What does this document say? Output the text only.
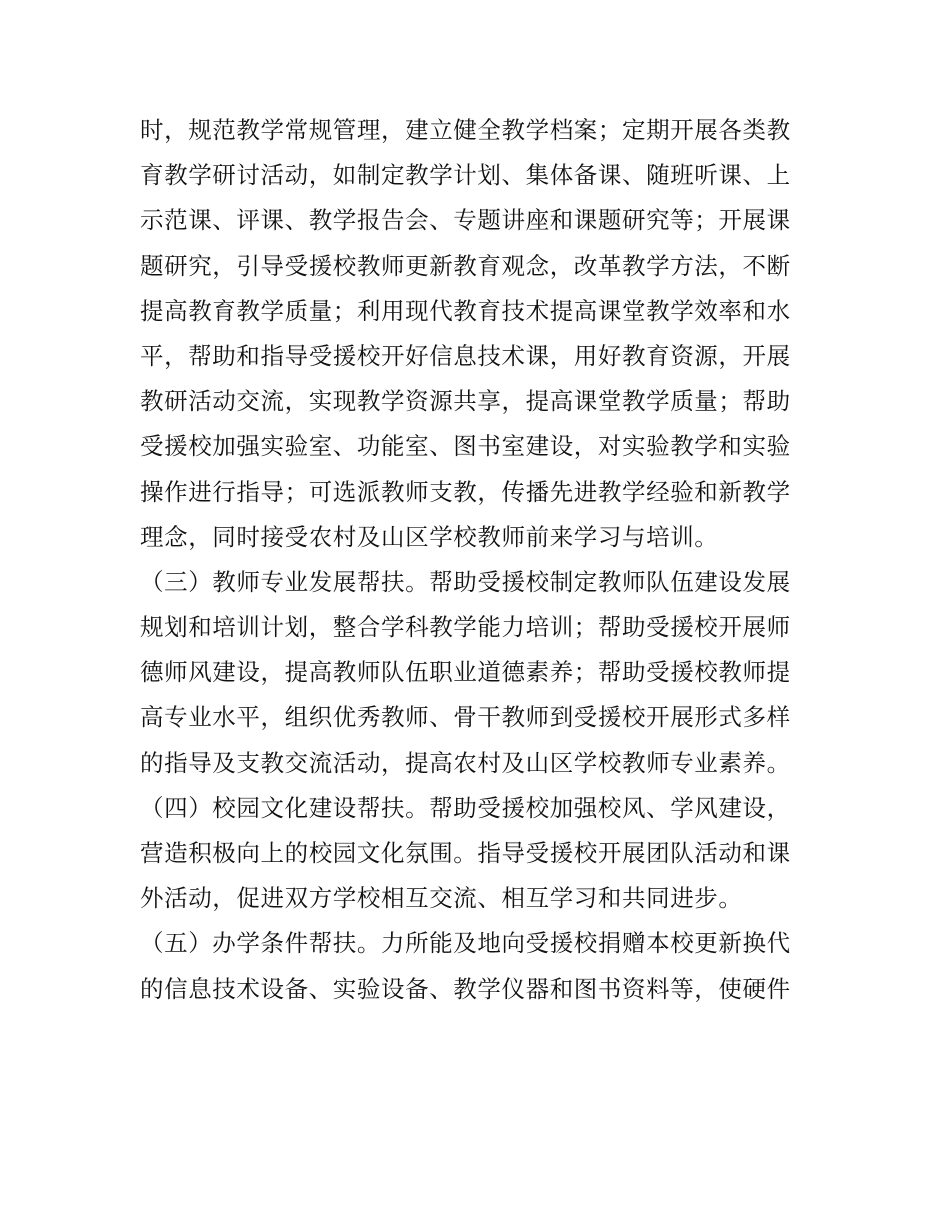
时，规范教学常规管理，建立健全教学档案；定期开展各类教
育教学研讨活动，如制定教学计划、集体备课、随班听课、上
示范课、评课、教学报告会、专题讲座和课题研究等；开展课
题研究，引导受援校教师更新教育观念，改革教学方法，不断
提高教育教学质量；利用现代教育技术提高课堂教学效率和水
平，帮助和指导受援校开好信息技术课，用好教育资源，开展
教研活动交流，实现教学资源共享，提高课堂教学质量；帮助
受援校加强实验室、功能室、图书室建设，对实验教学和实验
操作进行指导；可选派教师支教，传播先进教学经验和新教学
理念，同时接受农村及山区学校教师前来学习与培训。
（三）教师专业发展帮扶。帮助受援校制定教师队伍建设发展
规划和培训计划，整合学科教学能力培训；帮助受援校开展师
德师风建设，提高教师队伍职业道德素养；帮助受援校教师提
高专业水平，组织优秀教师、骨干教师到受援校开展形式多样
的指导及支教交流活动，提高农村及山区学校教师专业素养。
（四）校园文化建设帮扶。帮助受援校加强校风、学风建设，
营造积极向上的校园文化氛围。指导受援校开展团队活动和课
外活动，促进双方学校相互交流、相互学习和共同进步。
（五）办学条件帮扶。力所能及地向受援校捐赠本校更新换代
的信息技术设备、实验设备、教学仪器和图书资料等，使硬件
